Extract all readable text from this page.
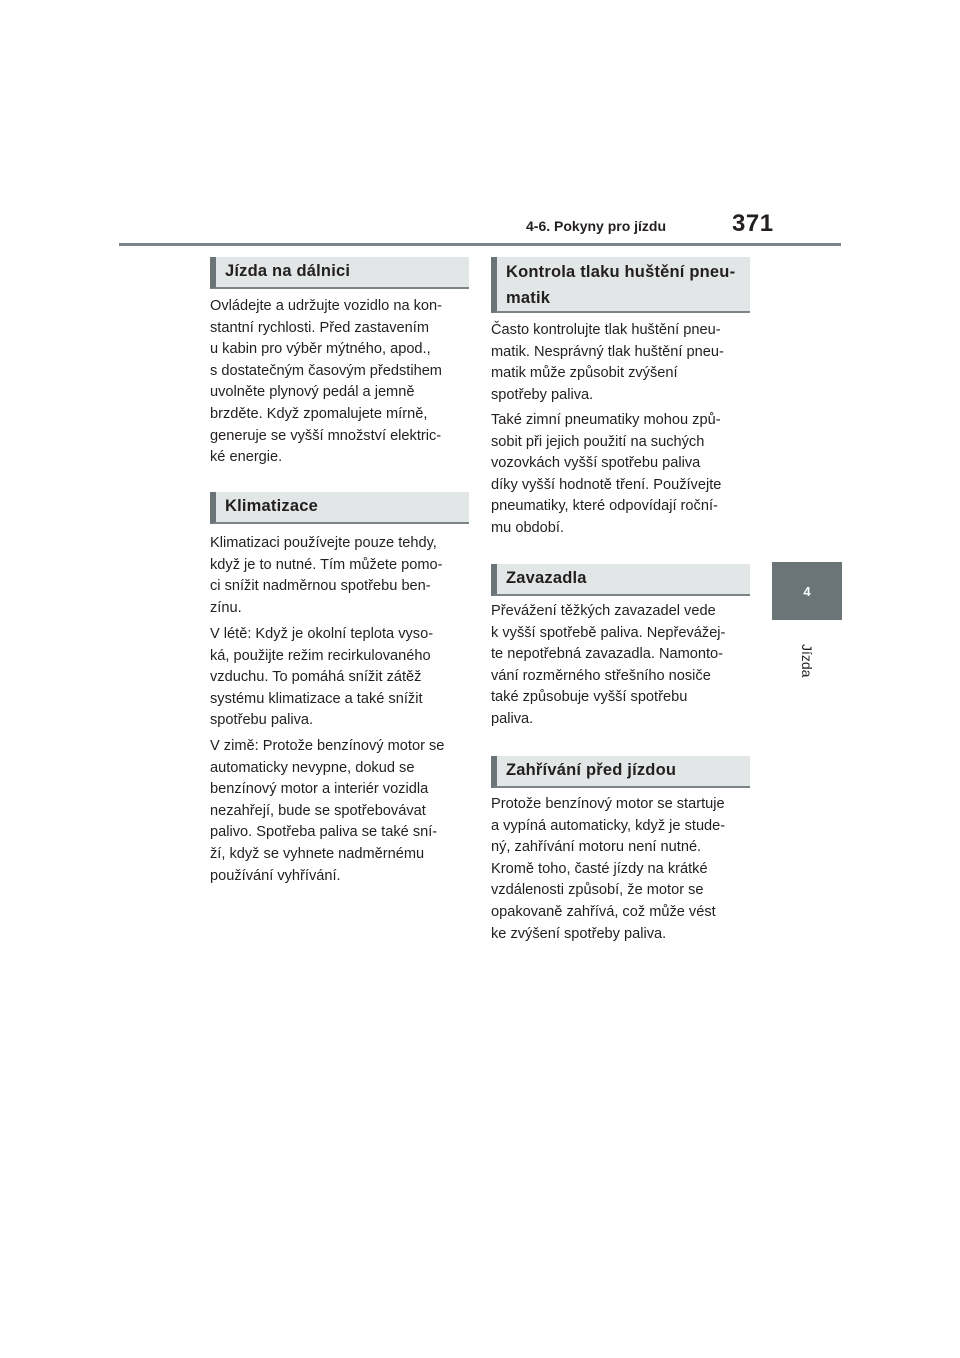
4-6. Pokyny pro jízdu	371
4
Jízda
Jízda na dálnici

Ovládejte a udržujte vozidlo na kon-
stantní rychlosti. Před zastavením
u kabin pro výběr mýtného, apod.,
s dostatečným časovým předstihem
uvolněte plynový pedál a jemně
brzděte. Když zpomalujete mírně,
generuje se vyšší množství elektric-
ké energie.

Klimatizace

Klimatizaci používejte pouze tehdy,
když je to nutné. Tím můžete pomo-
ci snížit nadměrnou spotřebu ben-
zínu.

V létě: Když je okolní teplota vyso-
ká, použijte režim recirkulovaného
vzduchu. To pomáhá snížit zátěž
systému klimatizace a také snížit
spotřebu paliva.

V zimě: Protože benzínový motor se
automaticky nevypne, dokud se
benzínový motor a interiér vozidla
nezahřejí, bude se spotřebovávat
palivo. Spotřeba paliva se také sní-
ží, když se vyhnete nadměrnému
používání vyhřívání.

Kontrola tlaku huštění pneu-
matik

Často kontrolujte tlak huštění pneu-
matik. Nesprávný tlak huštění pneu-
matik může způsobit zvýšení
spotřeby paliva.

Také zimní pneumatiky mohou způ-
sobit při jejich použití na suchých
vozovkách vyšší spotřebu paliva
díky vyšší hodnotě tření. Používejte
pneumatiky, které odpovídají roční-
mu období.

Zavazadla

Převážení těžkých zavazadel vede
k vyšší spotřebě paliva. Nepřevážej-
te nepotřebná zavazadla. Namonto-
vání rozměrného střešního nosiče
také způsobuje vyšší spotřebu
paliva.

Zahřívání před jízdou

Protože benzínový motor se startuje
a vypíná automaticky, když je stude-
ný, zahřívání motoru není nutné.
Kromě toho, časté jízdy na krátké
vzdálenosti způsobí, že motor se
opakovaně zahřívá, což může vést
ke zvýšení spotřeby paliva.
